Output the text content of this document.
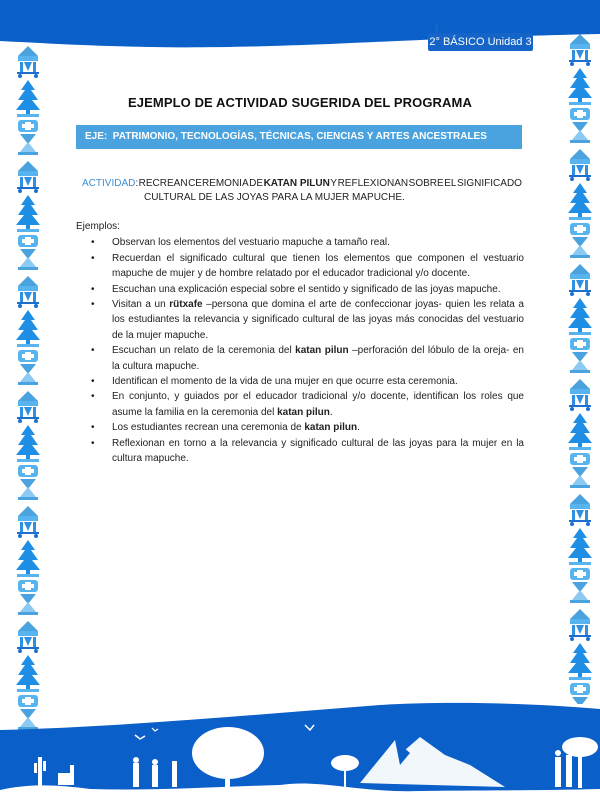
2° BÁSICO Unidad 3
EJEMPLO DE ACTIVIDAD SUGERIDA DEL PROGRAMA
EJE: PATRIMONIO, TECNOLOGÍAS, TÉCNICAS, CIENCIAS Y ARTES ANCESTRALES
ACTIVIDAD: RECREAN CEREMONIA DE KATAN PILUN Y REFLEXIONAN SOBRE EL SIGNIFICADO
CULTURAL DE LAS JOYAS PARA LA MUJER MAPUCHE.
Ejemplos:
• Observan los elementos del vestuario mapuche a tamaño real.
• Recuerdan el significado cultural que tienen los elementos que componen el vestuario mapuche de mujer y de hombre relatado por el educador tradicional y/o docente.
• Escuchan una explicación especial sobre el sentido y significado de las joyas mapuche.
• Visitan a un rütxafe –persona que domina el arte de confeccionar joyas- quien les relata a los estudiantes la relevancia y significado cultural de las joyas más conocidas del vestuario de la mujer mapuche.
• Escuchan un relato de la ceremonia del katan pilun –perforación del lóbulo de la oreja- en la cultura mapuche.
• Identifican el momento de la vida de una mujer en que ocurre esta ceremonia.
• En conjunto, y guiados por el educador tradicional y/o docente, identifican los roles que asume la familia en la ceremonia del katan pilun.
• Los estudiantes recrean una ceremonia de katan pilun.
• Reflexionan en torno a la relevancia y significado cultural de las joyas para la mujer en la cultura mapuche.
